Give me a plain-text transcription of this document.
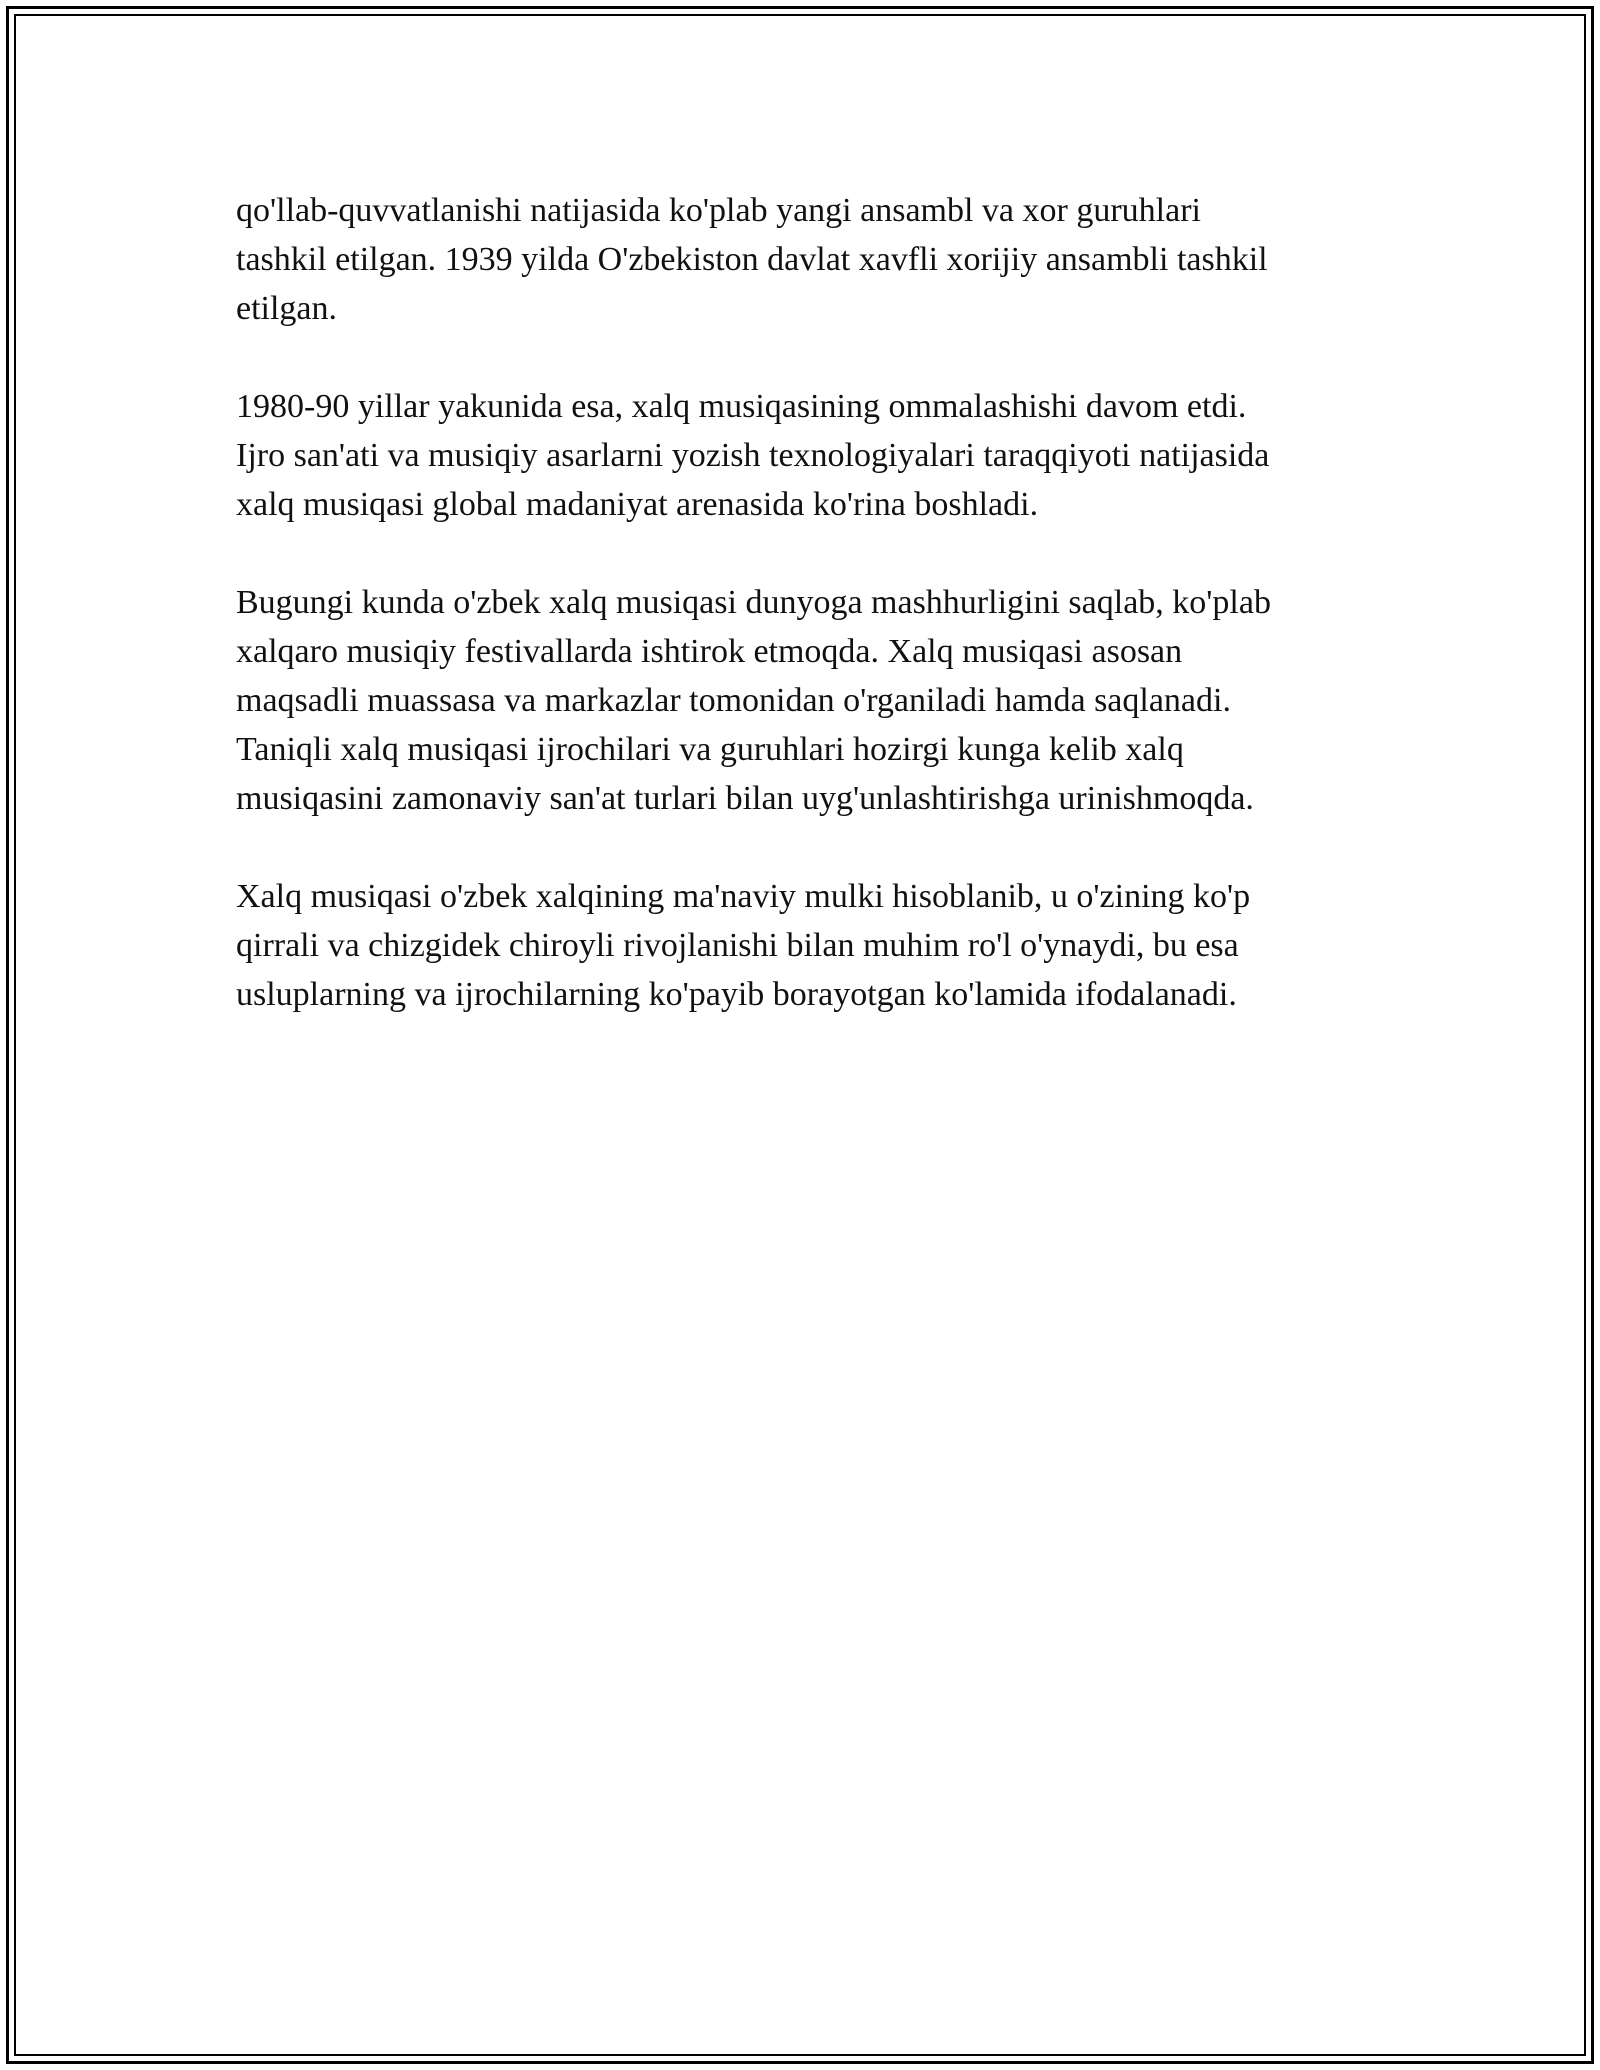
qo'llab-quvvatlanishi natijasida ko'plab yangi ansambl va xor guruhlari
tashkil etilgan. 1939 yilda O'zbekiston davlat xavfli xorijiy ansambli tashkil
etilgan.

1980-90 yillar yakunida esa, xalq musiqasining ommalashishi davom etdi.
Ijro san'ati va musiqiy asarlarni yozish texnologiyalari taraqqiyoti natijasida
xalq musiqasi global madaniyat arenasida ko'rina boshladi.

Bugungi kunda o'zbek xalq musiqasi dunyoga mashhurligini saqlab, ko'plab
xalqaro musiqiy festivallarda ishtirok etmoqda. Xalq musiqasi asosan
maqsadli muassasa va markazlar tomonidan o'rganiladi hamda saqlanadi.
Taniqli xalq musiqasi ijrochilari va guruhlari hozirgi kunga kelib xalq
musiqasini zamonaviy san'at turlari bilan uyg'unlashtirishga urinishmoqda.

Xalq musiqasi o'zbek xalqining ma'naviy mulki hisoblanib, u o'zining ko'p
qirrali va chizgidek chiroyli rivojlanishi bilan muhim ro'l o'ynaydi, bu esa
usluplarning va ijrochilarning ko'payib borayotgan ko'lamida ifodalanadi.
